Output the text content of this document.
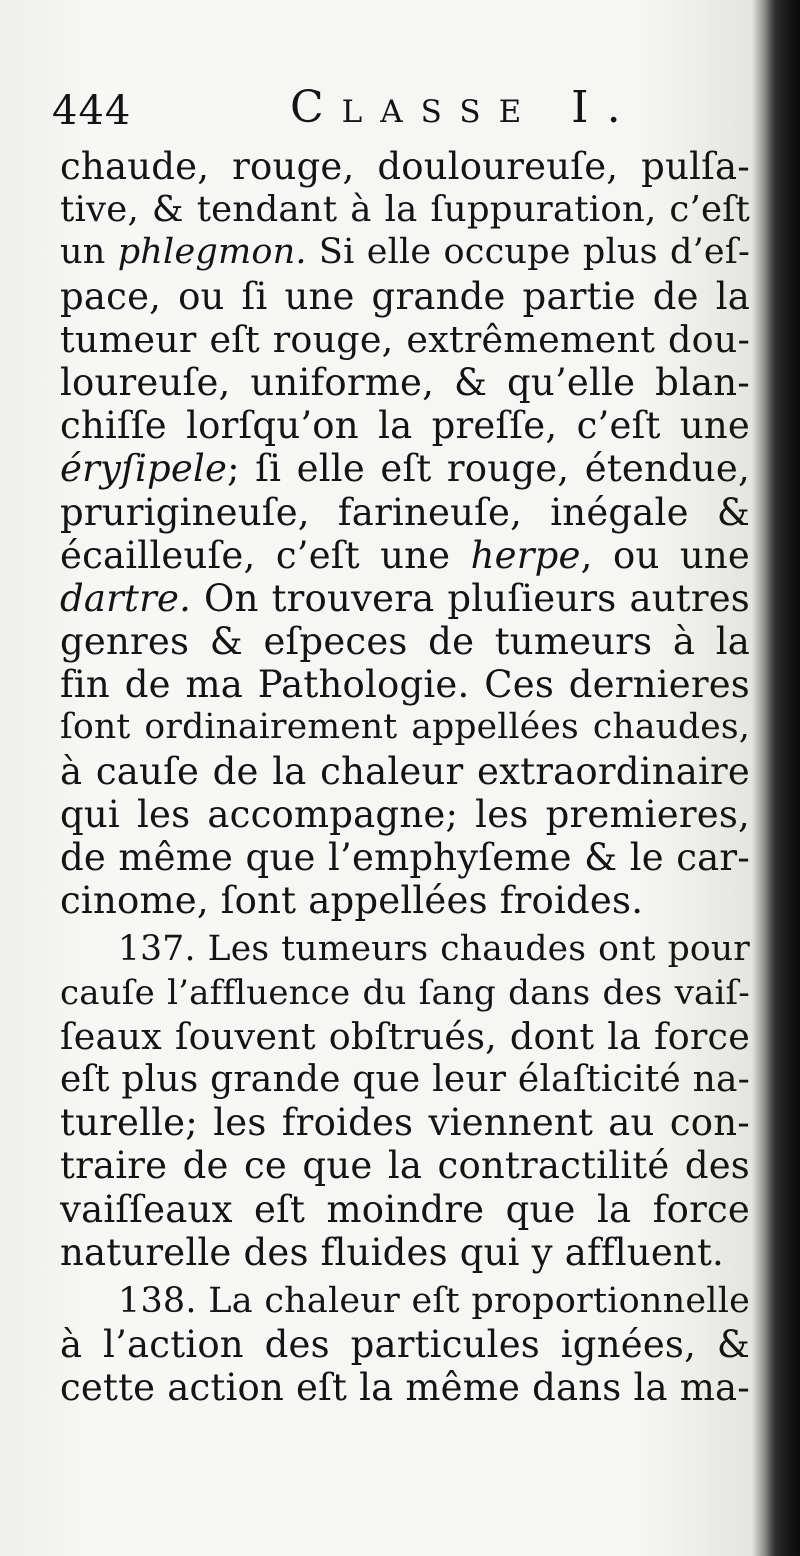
444	Classe I.
chaude, rouge, douloureuſe, pulſa-
tive, & tendant à la ſuppuration, c’eſt
un phlegmon. Si elle occupe plus d’eſ-
pace, ou ſi une grande partie de la
tumeur eſt rouge, extrêmement dou-
loureuſe, uniforme, & qu’elle blan-
chiſſe lorſqu’on la preſſe, c’eſt une
éryſipele; ſi elle eſt rouge, étendue,
prurigineuſe, farineuſe, inégale &
écailleuſe, c’eſt une herpe, ou une
dartre. On trouvera pluſieurs autres
genres & eſpeces de tumeurs à la
fin de ma Pathologie. Ces dernieres
ſont ordinairement appellées chaudes,
à cauſe de la chaleur extraordinaire
qui les accompagne; les premieres,
de même que l’emphyſeme & le car-
cinome, ſont appellées froides.
137. Les tumeurs chaudes ont pour
cauſe l’affluence du ſang dans des vaiſ-
ſeaux ſouvent obſtrués, dont la force
eſt plus grande que leur élaſticité na-
turelle; les froides viennent au con-
traire de ce que la contractilité des
vaiſſeaux eſt moindre que la force
naturelle des fluides qui y affluent.
138. La chaleur eſt proportionnelle
à l’action des particules ignées, &
cette action eſt la même dans la ma-
